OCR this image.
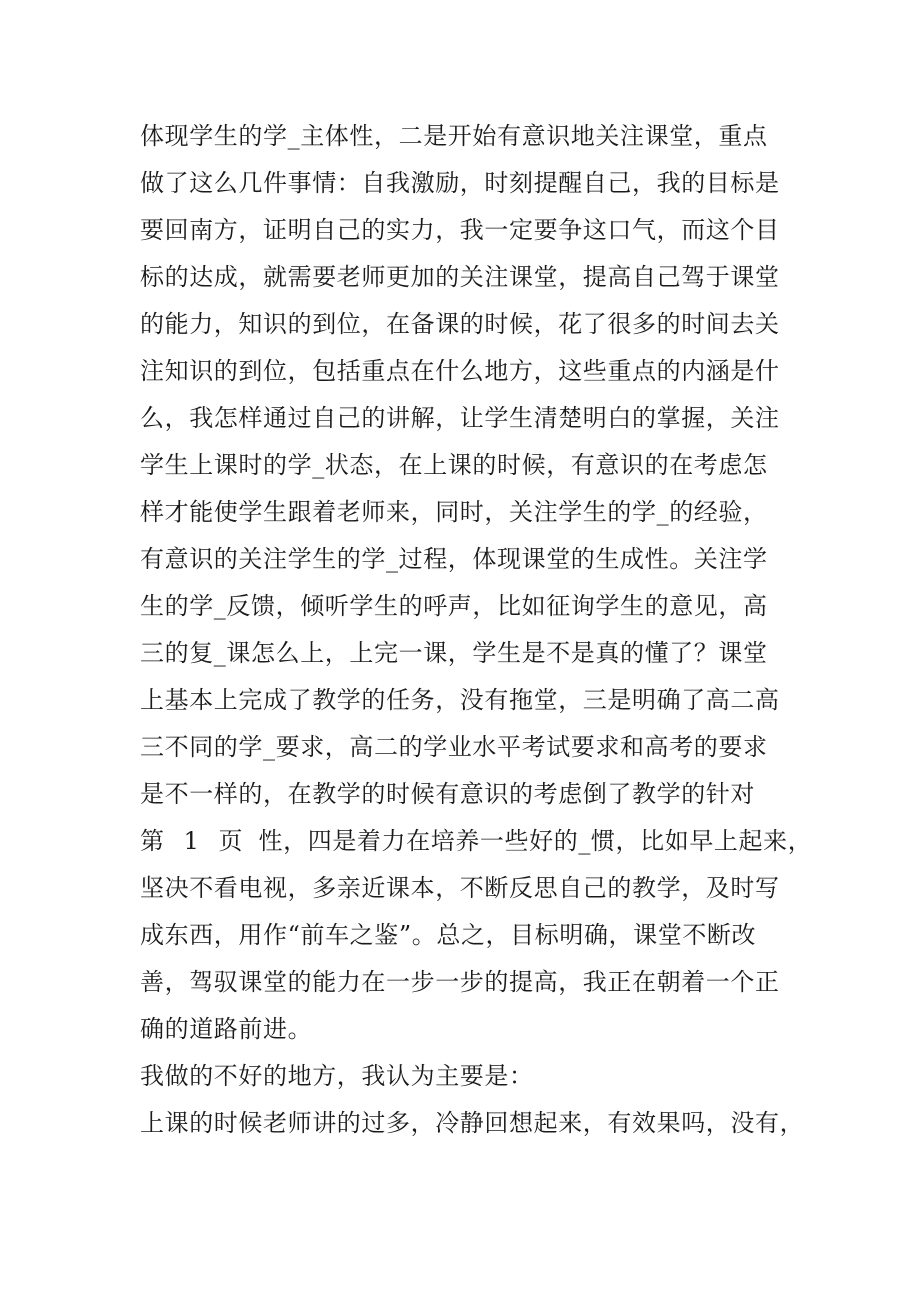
体现学生的学_主体性，二是开始有意识地关注课堂，重点
做了这么几件事情：自我激励，时刻提醒自己，我的目标是
要回南方，证明自己的实力，我一定要争这口气，而这个目
标的达成，就需要老师更加的关注课堂，提高自己驾于课堂
的能力，知识的到位，在备课的时候，花了很多的时间去关
注知识的到位，包括重点在什么地方，这些重点的内涵是什
么，我怎样通过自己的讲解，让学生清楚明白的掌握，关注
学生上课时的学_状态，在上课的时候，有意识的在考虑怎
样才能使学生跟着老师来，同时，关注学生的学_的经验，
有意识的关注学生的学_过程，体现课堂的生成性。关注学
生的学_反馈，倾听学生的呼声，比如征询学生的意见，高
三的复_课怎么上，上完一课，学生是不是真的懂了？课堂
上基本上完成了教学的任务，没有拖堂，三是明确了高二高
三不同的学_要求，高二的学业水平考试要求和高考的要求
是不一样的，在教学的时候有意识的考虑倒了教学的针对
第 1 页 性，四是着力在培养一些好的_惯，比如早上起来，
坚决不看电视，多亲近课本，不断反思自己的教学，及时写
成东西，用作“前车之鉴”。总之，目标明确，课堂不断改
善，驾驭课堂的能力在一步一步的提高，我正在朝着一个正
确的道路前进。
我做的不好的地方，我认为主要是：
上课的时候老师讲的过多，冷静回想起来，有效果吗，没有，
